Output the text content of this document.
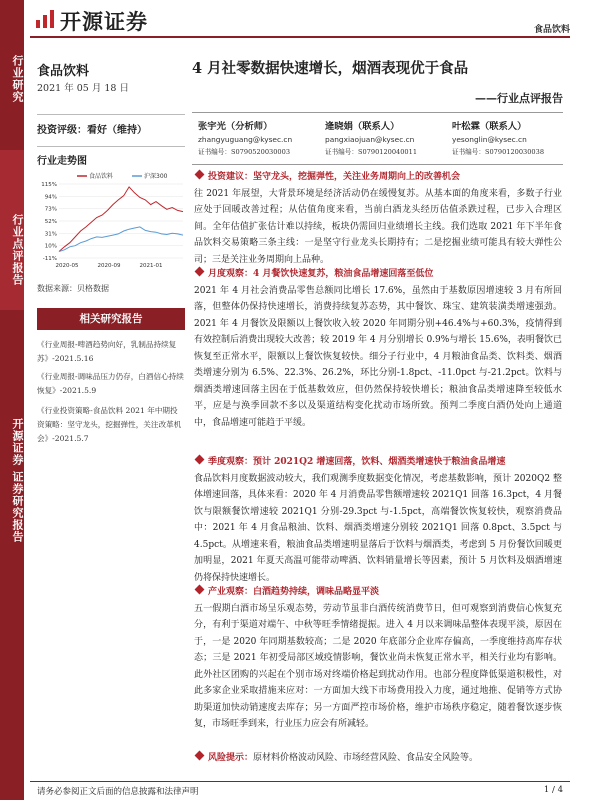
行业研究
行业点评报告
开源证券 证券研究报告
开源证券	食品饮料
食品饮料
2021 年 05 月 18 日
投资评级：看好（维持）
行业走势图
115%
94%
73%
52%
31%
10%
-11%
2020-05	2020-09	2021-01
食品饮料	沪深300
数据来源：贝格数据
相关研究报告
《行业周报-啤酒趋势向好，乳制品持续复苏》-2021.5.16
《行业周报-调味品压力仍存，白酒信心持续恢复》-2021.5.9
《行业投资策略-食品饮料 2021 年中期投资策略：坚守龙头，挖掘弹性，关注改革机会》-2021.5.7
4 月社零数据快速增长，烟酒表现优于食品
——行业点评报告
张宇光（分析师）
zhangyuguang@kysec.cn
证书编号：S0790520030003
逄晓娟（联系人）
pangxiaojuan@kysec.cn
证书编号：S0790120040011
叶松霖（联系人）
yesonglin@kysec.cn
证书编号：S0790120030038
投资建议：坚守龙头，挖掘弹性，关注业务周期向上的改善机会
往 2021 年展望，大背景环境是经济活动仍在缓慢复苏。从基本面的角度来看，多数子行业应处于回暖改善过程；从估值角度来看，当前白酒龙头经历估值杀跌过程，已步入合理区间。全年估值扩张估计难以持续，板块仍需回归业绩增长主线。我们选取 2021 年下半年食品饮料交易策略三条主线：一是坚守行业龙头长期持有；二是挖掘业绩可能具有较大弹性公司；三是关注业务周期向上品种。
月度观察：4 月餐饮快速复苏，粮油食品增速回落至低位
2021 年 4 月社会消费品零售总额同比增长 17.6%，虽然由于基数原因增速较 3 月有所回落，但整体仍保持快速增长，消费持续复苏态势，其中餐饮、珠宝、建筑装潢类增速强劲。2021 年 4 月餐饮及限额以上餐饮收入较 2020 年同期分别+46.4%与+60.3%，疫情得到有效控制后消费出现较大改善；较 2019 年 4 月分别增长 0.9%与增长 15.6%，表明餐饮已恢复至正常水平，限额以上餐饮恢复较快。细分子行业中，4 月粮油食品类、饮料类、烟酒类增速分别为 6.5%、22.3%、26.2%，环比分别-1.8pct、-11.0pct 与-21.2pct。饮料与烟酒类增速回落主因在于低基数效应，但仍然保持较快增长；粮油食品类增速降至较低水平，应是与涣季回款不多以及渠道结构变化扰动市场所致。预判二季度白酒仍处向上通道中，食品增速可能趋于平缓。
季度观察：预计 2021Q2 增速回落，饮料、烟酒类增速快于粮油食品增速
食品饮料月度数据波动较大，我们观测季度数据变化情况，考虑基数影响，预计 2020Q2 整体增速回落，具体来看：2020 年 4 月消费品零售额增速较 2021Q1 回落 16.3pct，4 月餐饮与限额餐饮增速较 2021Q1 分别-29.3pct 与-1.5pct，高端餐饮恢复较快，观察消费品中：2021 年 4 月食品粮油、饮料、烟酒类增速分别较 2021Q1 回落 0.8pct、3.5pct 与 4.5pct。从增速来看，粮油食品类增速明显落后于饮料与烟酒类，考虑到 5 月份餐饮回暖更加明显，2021 年夏天高温可能带动啤酒、饮料销量增长等因素，预计 5 月饮料及烟酒增速仍将保持快速增长。
产业观察：白酒趋势持续，调味品略显平淡
五一假期白酒市场呈乐观态势，劳动节虽非白酒传统消费节日，但可观察到消费信心恢复充分，有利于渠道对端午、中秋等旺季情绪提振。进入 4 月以来调味品整体表现平淡，原因在于，一是 2020 年同期基数较高；二是 2020 年底部分企业库存偏高，一季度维持高库存状态；三是 2021 年初受局部区域疫情影响，餐饮业尚未恢复正常水平，相关行业均有影响。此外社区团购的兴起在个别市场对终端价格起到扰动作用。也部分程度降低渠道积极性，对此多家企业采取措施来应对：一方面加大线下市场费用投入力度，通过地推、促销等方式协助渠道加快动销速度去库存；另一方面严控市场价格，维护市场秩序稳定，随着餐饮逐步恢复，市场旺季到来，行业压力应会有所减轻。
风险提示：原材料价格波动风险、市场经营风险、食品安全风险等。
请务必参阅正文后面的信息披露和法律声明	1 / 4
